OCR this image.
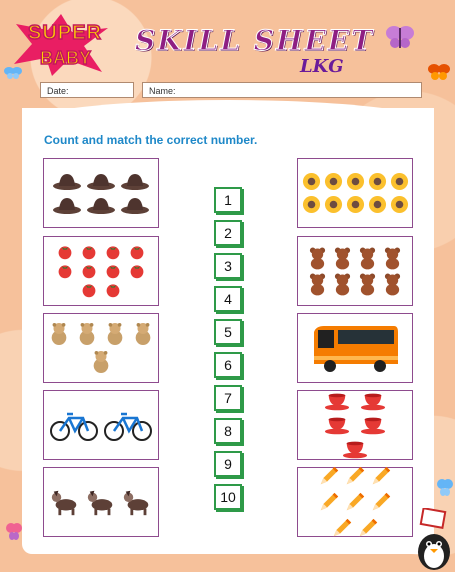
SUPER
BABY
SKILL SHEET
LKG
Date:	Name:
Count and match the correct number.
1
2
3
4
5
6
7
8
9
10
